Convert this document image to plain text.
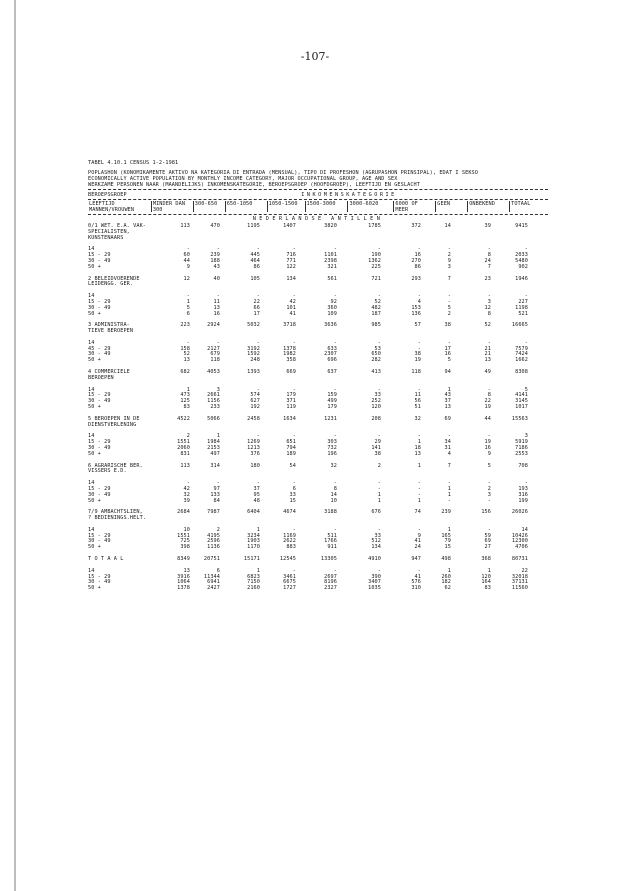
-107-
TABEL 4.10.1 CENSUS 1-2-1981
POPLASHON (KONOMIKAMENTE AKTIVO NA KATEGORIA DI ENTRADA (MENSUAL), TIPO DI PROFESHON (AGRUPASHON PRINSIPAL), EDAT I SEKSO
ECONOMICALLY ACTIVE POPULATION BY MONTHLY INCOME CATEGORY, MAJOR OCCUPATIONAL GROUP, AGE AND SEX
WERKZAME PERSONEN NAAR (MAANDELIJKS) INKOMENSKATEGORIE, BEROEPSGROEP (HOOFDGROEP), LEEFTIJD EN GESLACHT
BEROEPSGROEP	INKOMENSKATEGORIE
LEEFTIJD
MANNEN/VROUWEN
MINDER DAN
300
300-650	650-1050	1050-1500	1500-3000	3000-6020	6000 OF
MEER
GEEN	ONBEKEND	TOTAAL
NEDERLANDSE ANTILLEN
0/1 WET. E.A. VAK-	113	470	1195	1407	3820	1785	372	14	39	9415
SPECIALISTEN,
KUNSTENAARS
14	-	-	-	-	-	-	-	-	-	-
15 - 29	60	239	445	716	1101	190	16	2	8	2033
30 - 49	44	188	464	771	2398	1362	270	9	24	5480
50 +	9	43	86	122	321	225	86	3	7	902
2 BELEIDVOERENDE	12	40	105	134	561	721	293	7	23	1946
LEIDENGG. GER.
14	-	-	-	-	-	-	-	-	-	-
15 - 29	1	11	22	42	92	52	4	-	3	227
30 - 49	5	13	66	101	360	482	153	5	12	1198
50 +	6	16	17	41	109	187	136	2	8	521
3 ADMINISTRA-	223	2924	5032	3718	3636	985	57	38	52	16665
TIEVE BEROEPEN
14	-	-	-	-	-	-	-	-	-	-
45 - 29	158	2127	3192	1378	633	53	-	17	21	7579
30 - 49	52	679	1592	1982	2307	650	38	16	21	7424
50 +	13	118	248	358	696	282	19	5	13	1662
4 COMMERCIELE	682	4053	1393	669	637	413	118	94	49	8308
BEROEPEN
14	1	3	-	-	-	-	-	1	-	5
15 - 29	473	2661	574	179	159	33	11	43	8	4141
30 - 49	125	1156	627	371	499	252	56	37	22	3145
50 +	83	233	192	119	179	120	51	13	19	1017
5 BEROEPEN IN DE	4522	5066	2458	1634	1231	208	32	69	44	15563
DIENSTVERLENING
14	2	1	-	-	-	-	-	-	-	3
15 - 29	1551	1984	1269	651	303	29	1	34	19	5919
30 - 49	2060	2153	1213	794	732	141	18	31	16	7186
50 +	831	497	376	189	196	38	13	4	9	2553
6 AGRARISCHE BER.	113	314	180	54	32	2	1	7	5	708
VISSERS E.D.
14	-	-	-	-	-	-	-	-	-	-
15 - 29	42	97	37	6	8	-	-	1	2	193
30 - 49	32	133	95	33	14	1	-	1	3	316
50 +	39	84	48	15	10	1	1	-	-	199
7/9 AMBACHTSLIEN,	2684	7987	6404	4674	3188	676	74	239	156	26026
? BEDIENINGS.HELT.
14	10	2	1	-	-	-	-	1	-	14
15 - 29	1551	4195	3234	1169	511	33	9	165	59	10426
30 - 49	725	2596	1903	2622	1766	512	41	79	69	12300
50 +	398	1136	1170	883	911	134	24	15	27	4706
T O T A A L	8349	20751	15171	12545	13305	4910	947	498	368	80731
14	13	6	1	-	-	-	-	1	1	22
15 - 29	3916	11344	6823	3461	2697	390	41	260	120	32018
30 - 49	1064	6941	7150	6675	8196	3407	576	182	164	37131
50 +	1378	2427	2160	1727	2327	1035	310	62	83	11560
